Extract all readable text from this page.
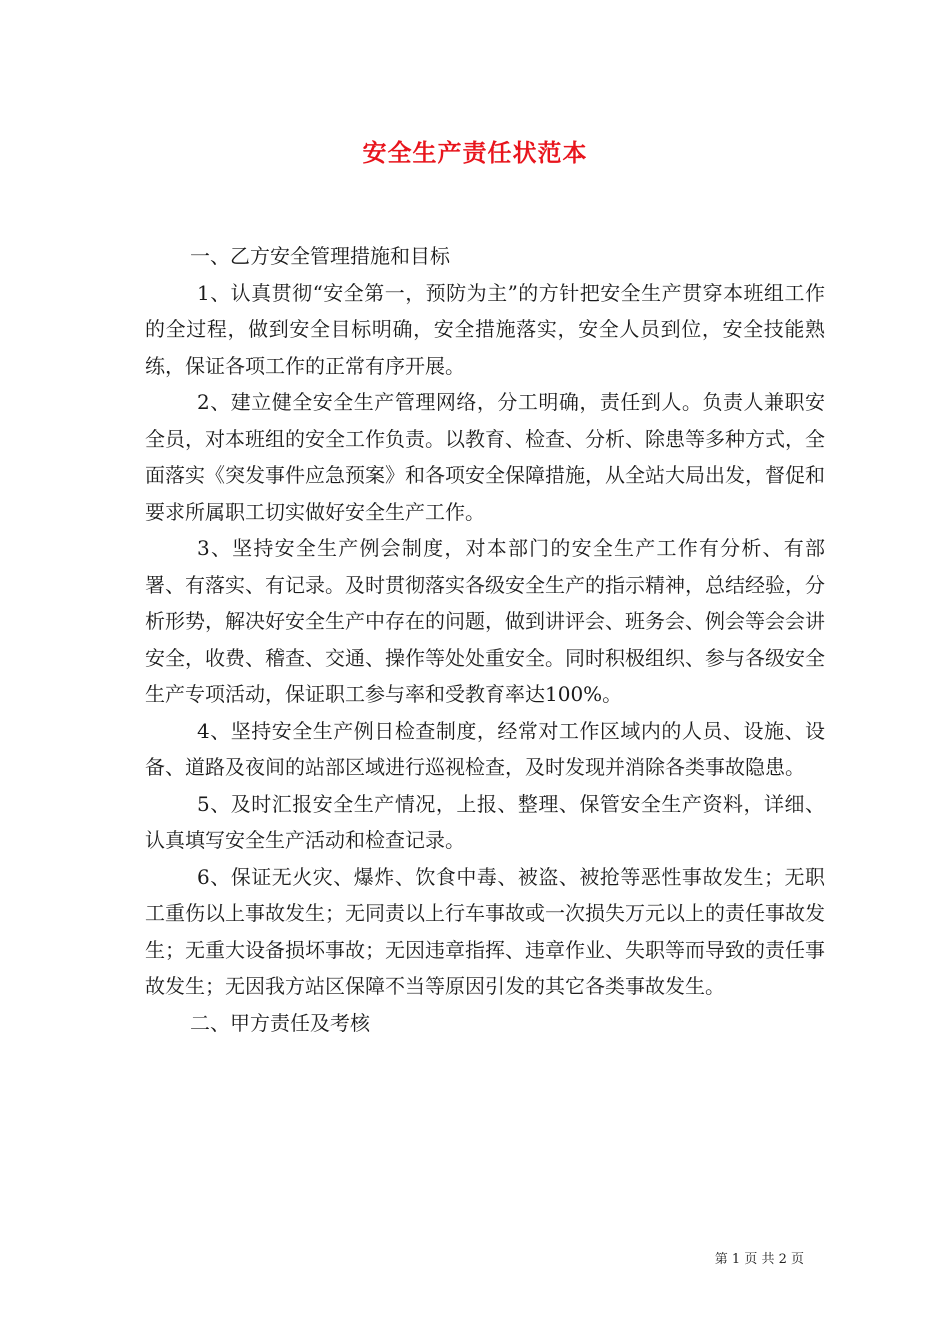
安全生产责任状范本

一、乙方安全管理措施和目标

1、认真贯彻“安全第一，预防为主”的方针把安全生产贯穿本班组工作的全过程，做到安全目标明确，安全措施落实，安全人员到位，安全技能熟练，保证各项工作的正常有序开展。

2、建立健全安全生产管理网络，分工明确，责任到人。负责人兼职安全员，对本班组的安全工作负责。以教育、检查、分析、除患等多种方式，全面落实《突发事件应急预案》和各项安全保障措施，从全站大局出发，督促和要求所属职工切实做好安全生产工作。

3、坚持安全生产例会制度，对本部门的安全生产工作有分析、有部署、有落实、有记录。及时贯彻落实各级安全生产的指示精神，总结经验，分析形势，解决好安全生产中存在的问题，做到讲评会、班务会、例会等会会讲安全，收费、稽查、交通、操作等处处重安全。同时积极组织、参与各级安全生产专项活动，保证职工参与率和受教育率达100%。

4、坚持安全生产例日检查制度，经常对工作区域内的人员、设施、设备、道路及夜间的站部区域进行巡视检查，及时发现并消除各类事故隐患。

5、及时汇报安全生产情况，上报、整理、保管安全生产资料，详细、认真填写安全生产活动和检查记录。

6、保证无火灾、爆炸、饮食中毒、被盗、被抢等恶性事故发生；无职工重伤以上事故发生；无同责以上行车事故或一次损失万元以上的责任事故发生；无重大设备损坏事故；无因违章指挥、违章作业、失职等而导致的责任事故发生；无因我方站区保障不当等原因引发的其它各类事故发生。

二、甲方责任及考核

第 1 页 共 2 页
